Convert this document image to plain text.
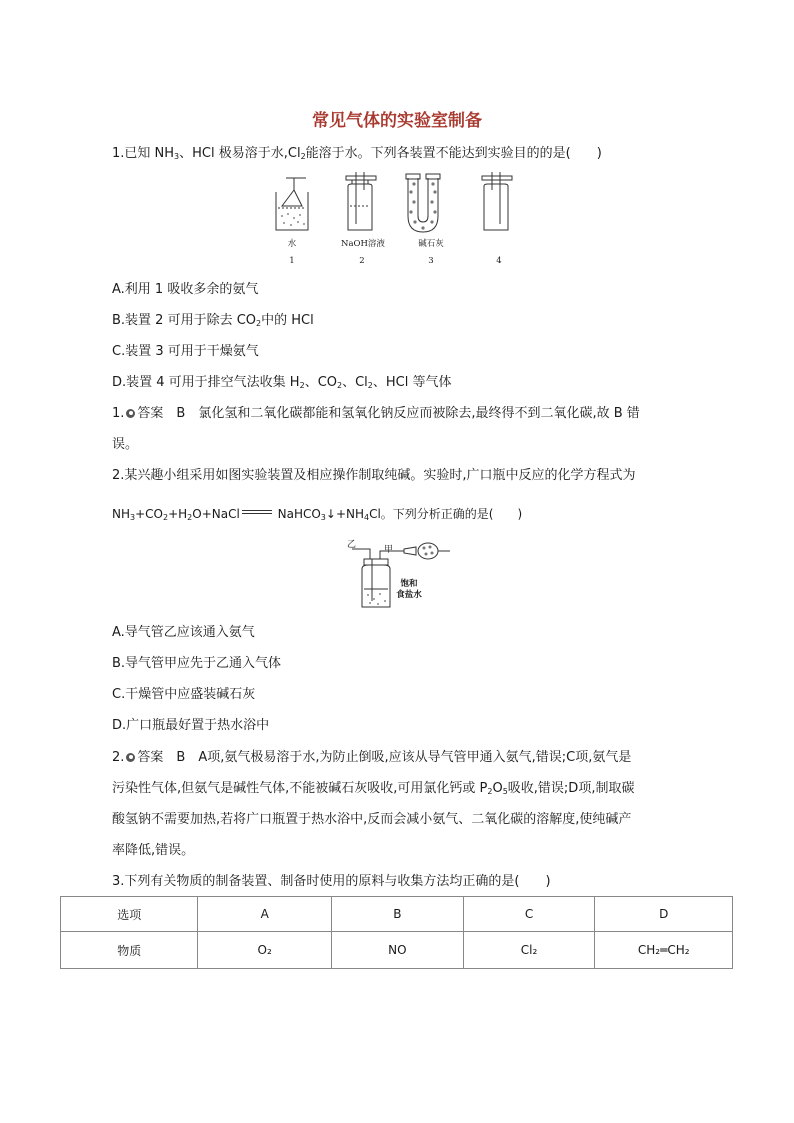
常见气体的实验室制备
1.已知 $NH_3$、HCl 极易溶于水$,Cl_2$能溶于水。下列各装置不能达到实验目的的是( )
水	NaOH溶液	碱石灰
1	2	3	4
A.利用 1 吸收多余的氨气
B.装置 2 可用于除去 $CO_2$中的 HCl
C.装置 3 可用于干燥氨气
D.装置 4 可用于排空气法收集 $H_2$、$CO_2$、$Cl_2$、HCl 等气体
1. 答案　B　氯化氢和二氧化碳都能和氢氧化钠反应而被除去,最终得不到二氧化碳,故 B 错
误。
2.某兴趣小组采用如图实验装置及相应操作制取纯碱。实验时,广口瓶中反应的化学方程式为
$NH_3+CO_2+H_2O+NaCl$	NaHCO$_3$↓+NH4Cl。下列分析正确的是( )
乙	甲
饱和
食盐水
A.导气管乙应该通入氨气
B.导气管甲应先于乙通入气体
C.干燥管中应盛装碱石灰
D.广口瓶最好置于热水浴中
2. 答案　B　A项,氨气极易溶于水,为防止倒吸,应该从导气管甲通入氨气,错误;C项,氨气是
污染性气体,但氨气是碱性气体,不能被碱石灰吸收,可用氯化钙或 $P_2O_5$吸收,错误;D项,制取碳
酸氢钠不需要加热,若将广口瓶置于热水浴中,反而会减小氨气、二氧化碳的溶解度,使纯碱产
率降低,错误。
3.下列有关物质的制备装置、制备时使用的原料与收集方法均正确的是(　　)
选项	A	B	C	D
物质	O₂	NO	Cl₂	CH₂═CH₂
